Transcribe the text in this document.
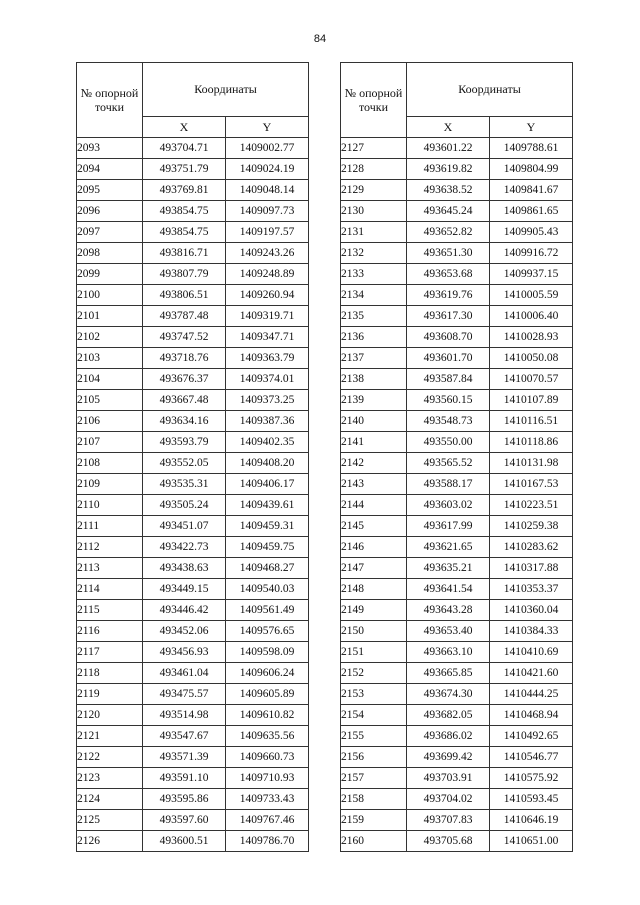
84
№ опорной точки	Координаты	
	X	Y
2093	493704.71	1409002.77
2094	493751.79	1409024.19
2095	493769.81	1409048.14
2096	493854.75	1409097.73
2097	493854.75	1409197.57
2098	493816.71	1409243.26
2099	493807.79	1409248.89
2100	493806.51	1409260.94
2101	493787.48	1409319.71
2102	493747.52	1409347.71
2103	493718.76	1409363.79
2104	493676.37	1409374.01
2105	493667.48	1409373.25
2106	493634.16	1409387.36
2107	493593.79	1409402.35
2108	493552.05	1409408.20
2109	493535.31	1409406.17
2110	493505.24	1409439.61
2111	493451.07	1409459.31
2112	493422.73	1409459.75
2113	493438.63	1409468.27
2114	493449.15	1409540.03
2115	493446.42	1409561.49
2116	493452.06	1409576.65
2117	493456.93	1409598.09
2118	493461.04	1409606.24
2119	493475.57	1409605.89
2120	493514.98	1409610.82
2121	493547.67	1409635.56
2122	493571.39	1409660.73
2123	493591.10	1409710.93
2124	493595.86	1409733.43
2125	493597.60	1409767.46
2126	493600.51	1409786.70
№ опорной точки	Координаты	
	X	Y
2127	493601.22	1409788.61
2128	493619.82	1409804.99
2129	493638.52	1409841.67
2130	493645.24	1409861.65
2131	493652.82	1409905.43
2132	493651.30	1409916.72
2133	493653.68	1409937.15
2134	493619.76	1410005.59
2135	493617.30	1410006.40
2136	493608.70	1410028.93
2137	493601.70	1410050.08
2138	493587.84	1410070.57
2139	493560.15	1410107.89
2140	493548.73	1410116.51
2141	493550.00	1410118.86
2142	493565.52	1410131.98
2143	493588.17	1410167.53
2144	493603.02	1410223.51
2145	493617.99	1410259.38
2146	493621.65	1410283.62
2147	493635.21	1410317.88
2148	493641.54	1410353.37
2149	493643.28	1410360.04
2150	493653.40	1410384.33
2151	493663.10	1410410.69
2152	493665.85	1410421.60
2153	493674.30	1410444.25
2154	493682.05	1410468.94
2155	493686.02	1410492.65
2156	493699.42	1410546.77
2157	493703.91	1410575.92
2158	493704.02	1410593.45
2159	493707.83	1410646.19
2160	493705.68	1410651.00
